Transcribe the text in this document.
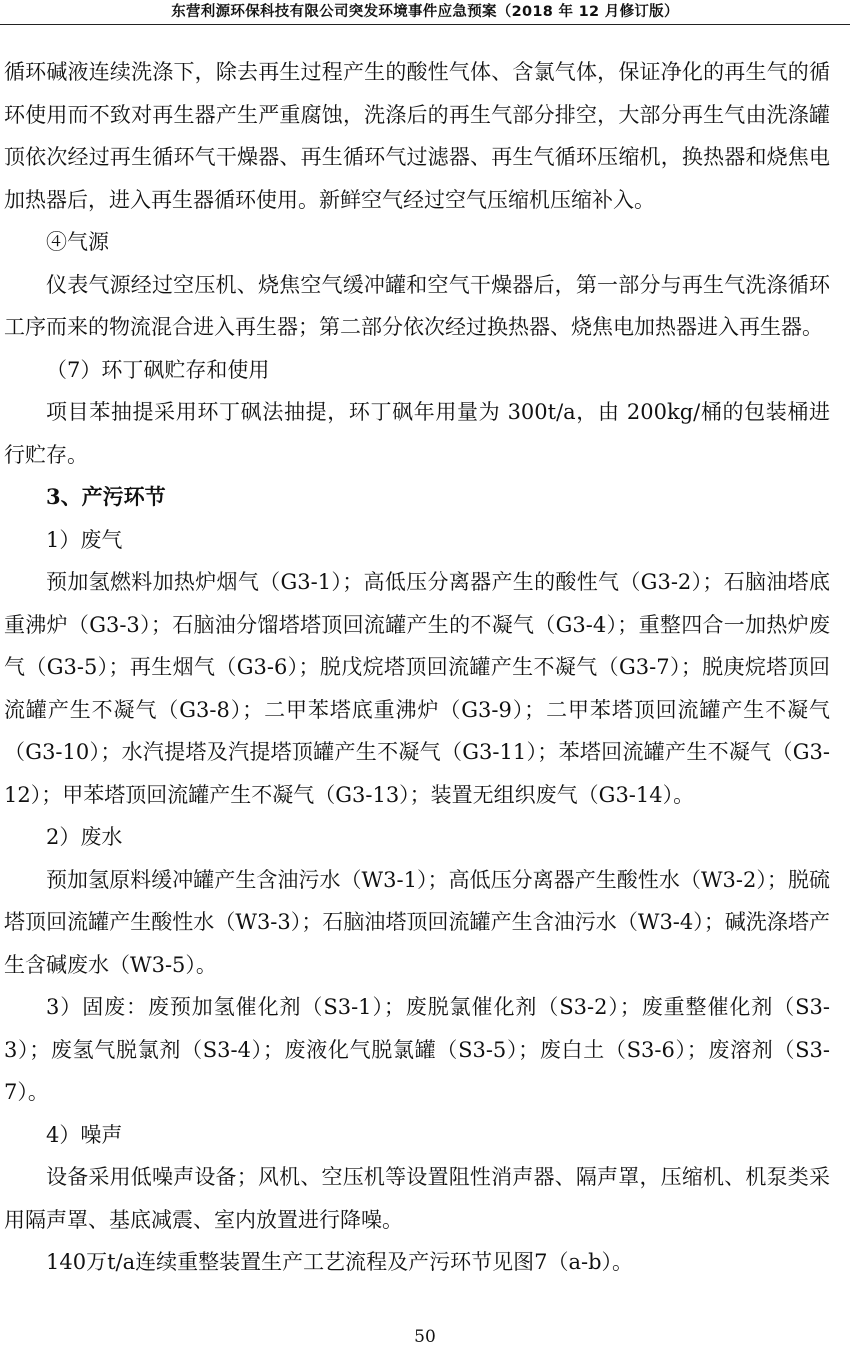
东营利源环保科技有限公司突发环境事件应急预案（2018 年 12 月修订版）

循环碱液连续洗涤下，除去再生过程产生的酸性气体、含氯气体，保证净化的再生气的循环使用而不致对再生器产生严重腐蚀，洗涤后的再生气部分排空，大部分再生气由洗涤罐顶依次经过再生循环气干燥器、再生循环气过滤器、再生气循环压缩机，换热器和烧焦电加热器后，进入再生器循环使用。新鲜空气经过空气压缩机压缩补入。

④气源

仪表气源经过空压机、烧焦空气缓冲罐和空气干燥器后，第一部分与再生气洗涤循环工序而来的物流混合进入再生器；第二部分依次经过换热器、烧焦电加热器进入再生器。

（7）环丁砜贮存和使用

项目苯抽提采用环丁砜法抽提，环丁砜年用量为 300t/a，由 200kg/桶的包装桶进行贮存。

3、产污环节

1）废气

预加氢燃料加热炉烟气（G3-1）；高低压分离器产生的酸性气（G3-2）；石脑油塔底重沸炉（G3-3）；石脑油分馏塔塔顶回流罐产生的不凝气（G3-4）；重整四合一加热炉废气（G3-5）；再生烟气（G3-6）；脱戊烷塔顶回流罐产生不凝气（G3-7）；脱庚烷塔顶回流罐产生不凝气（G3-8）；二甲苯塔底重沸炉（G3-9）；二甲苯塔顶回流罐产生不凝气（G3-10）；水汽提塔及汽提塔顶罐产生不凝气（G3-11）；苯塔回流罐产生不凝气（G3-12）；甲苯塔顶回流罐产生不凝气（G3-13）；装置无组织废气（G3-14）。

2）废水

预加氢原料缓冲罐产生含油污水（W3-1）；高低压分离器产生酸性水（W3-2）；脱硫塔顶回流罐产生酸性水（W3-3）；石脑油塔顶回流罐产生含油污水（W3-4）；碱洗涤塔产生含碱废水（W3-5）。

3）固废：废预加氢催化剂（S3-1）；废脱氯催化剂（S3-2）；废重整催化剂（S3-3）；废氢气脱氯剂（S3-4）；废液化气脱氯罐（S3-5）；废白土（S3-6）；废溶剂（S3-7）。

4）噪声

设备采用低噪声设备；风机、空压机等设置阻性消声器、隔声罩，压缩机、机泵类采用隔声罩、基底减震、室内放置进行降噪。

140万t/a连续重整装置生产工艺流程及产污环节见图7（a-b）。

50
